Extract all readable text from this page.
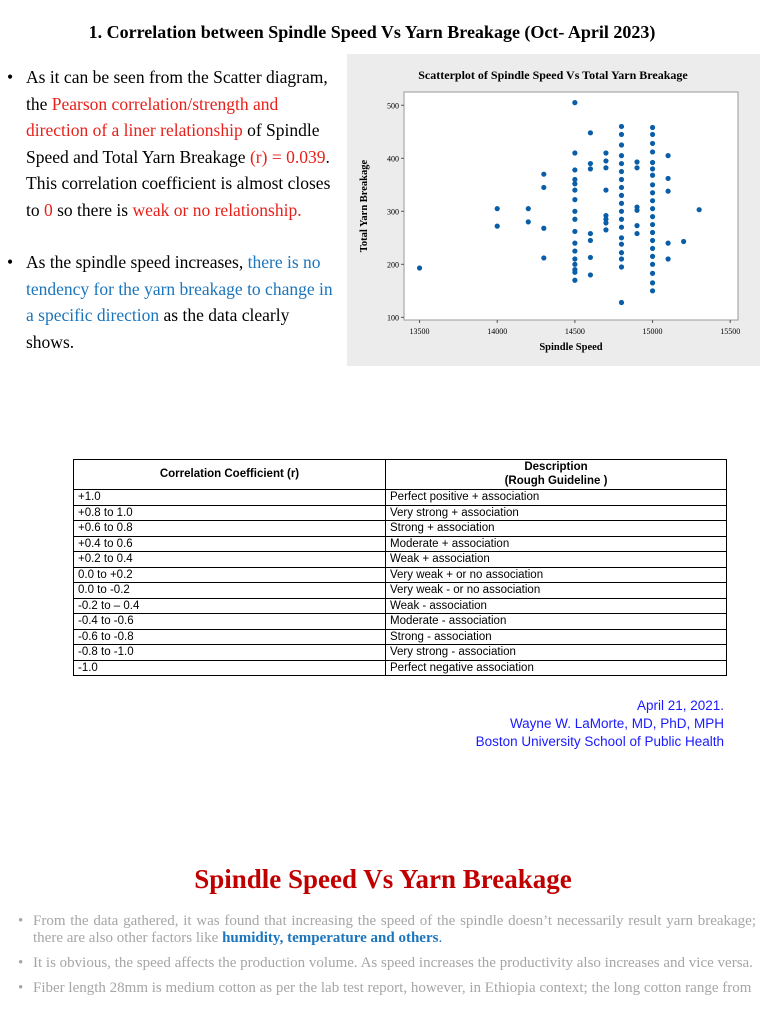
1. Correlation between Spindle Speed Vs Yarn Breakage (Oct- April 2023)
• As it can be seen from the Scatter diagram, the Pearson correlation/strength and direction of a liner relationship of Spindle Speed and Total Yarn Breakage (r) = 0.039. This correlation coefficient is almost closes to 0 so there is weak or no relationship.
• As the spindle speed increases, there is no tendency for the yarn breakage to change in a specific direction as the data clearly shows.
Scatterplot of Spindle Speed Vs Total Yarn Breakage
13500	14000	14500	15000	15500
100
200
300
400
500
Spindle Speed
Total Yarn Breakage
Correlation Coefficient (r)	Description
(Rough Guideline )
+1.0	Perfect positive + association
+0.8 to 1.0	Very strong + association
+0.6 to 0.8	Strong + association
+0.4 to 0.6	Moderate + association
+0.2 to 0.4	Weak + association
0.0 to +0.2	Very weak + or no association
0.0 to -0.2	Very weak - or no association
-0.2 to – 0.4	Weak - association
-0.4 to -0.6	Moderate - association
-0.6 to -0.8	Strong - association
-0.8 to -1.0	Very strong - association
-1.0	Perfect negative association
April 21, 2021.
Wayne W. LaMorte, MD, PhD, MPH
Boston University School of Public Health
Spindle Speed Vs Yarn Breakage
• From the data gathered, it was found that increasing the speed of the spindle doesn’t necessarily result yarn breakage; there are also other factors like humidity, temperature and others.
• It is obvious, the speed affects the production volume. As speed increases the productivity also increases and vice versa.
• Fiber length 28mm is medium cotton as per the lab test report, however, in Ethiopia context; the long cotton range from
